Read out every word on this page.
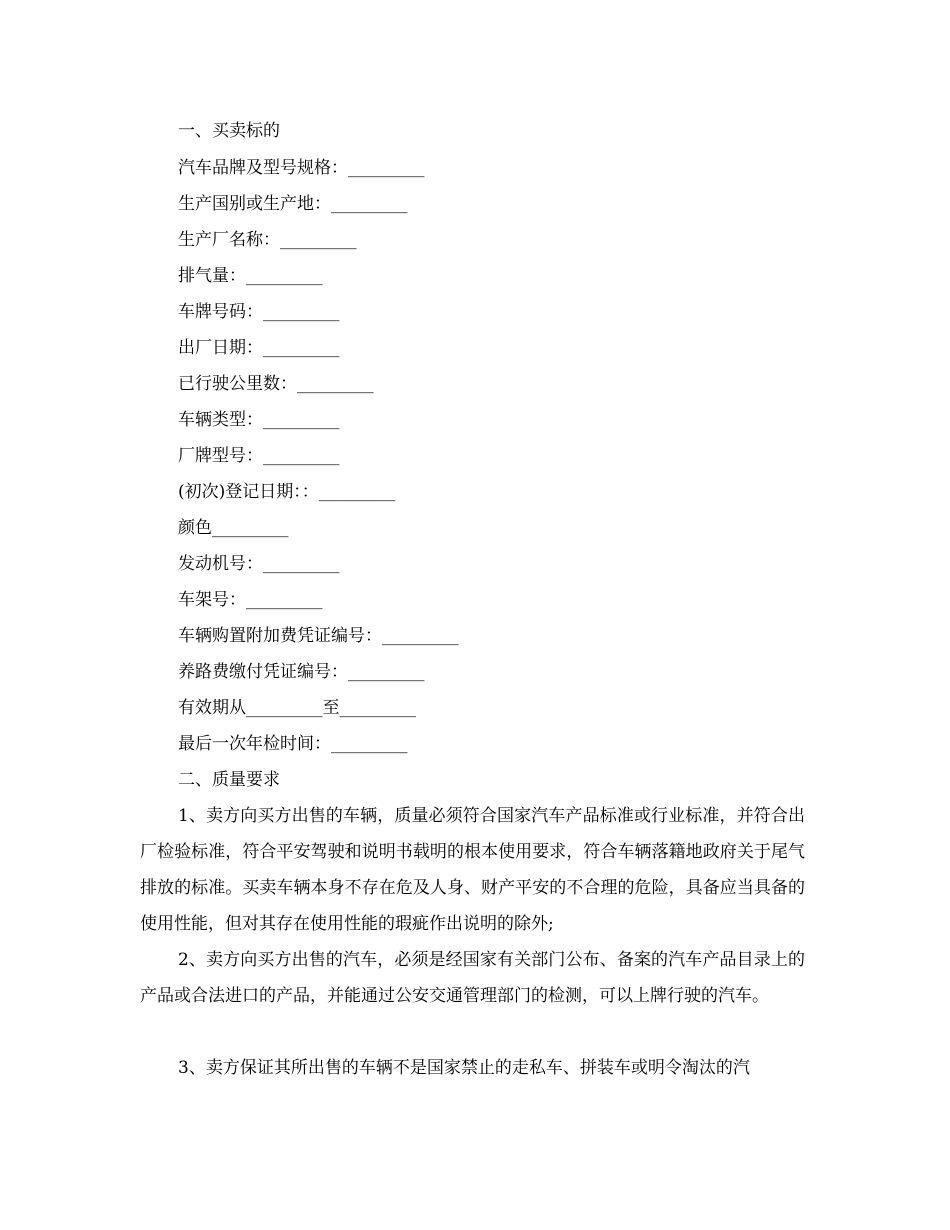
一、买卖标的
汽车品牌及型号规格：_________
生产国别或生产地：_________
生产厂名称：_________
排气量：_________
车牌号码：_________
出厂日期：_________
已行驶公里数：_________
车辆类型：_________
厂牌型号：_________
(初次)登记日期：：_________
颜色_________
发动机号：_________
车架号：_________
车辆购置附加费凭证编号：_________
养路费缴付凭证编号：_________
有效期从_________至_________
最后一次年检时间：_________
二、质量要求
1、卖方向买方出售的车辆，质量必须符合国家汽车产品标准或行业标准，并符合出厂检验标准，符合平安驾驶和说明书载明的根本使用要求，符合车辆落籍地政府关于尾气排放的标准。买卖车辆本身不存在危及人身、财产平安的不合理的危险，具备应当具备的使用性能，但对其存在使用性能的瑕疵作出说明的除外;
2、卖方向买方出售的汽车，必须是经国家有关部门公布、备案的汽车产品目录上的产品或合法进口的产品，并能通过公安交通管理部门的检测，可以上牌行驶的汽车。
3、卖方保证其所出售的车辆不是国家禁止的走私车、拼装车或明令淘汰的汽
